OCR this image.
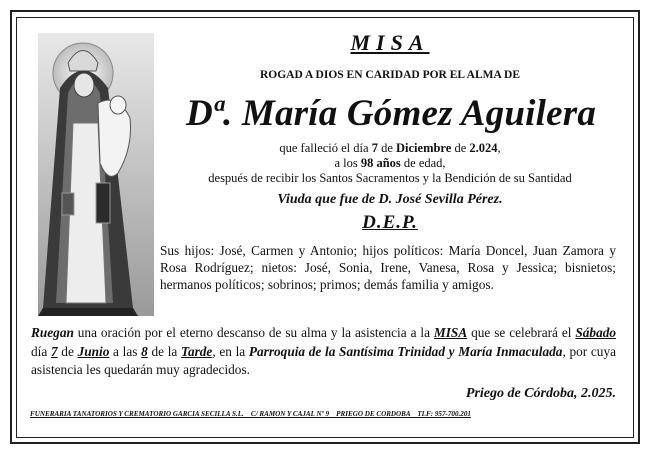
MISA
ROGAD A DIOS EN CARIDAD POR EL ALMA DE
Dª. María Gómez Aguilera
que falleció el día 7 de Diciembre de 2.024,
a los 98 años de edad,
después de recibir los Santos Sacramentos y la Bendición de su Santidad
Viuda que fue de D. José Sevilla Pérez.
D.E.P.
Sus hijos: José, Carmen y Antonio; hijos políticos: María Doncel, Juan Zamora y Rosa Rodríguez; nietos: José, Sonia, Irene, Vanesa, Rosa y Jessica; bisnietos; hermanos políticos; sobrinos; primos; demás familia y amigos.
Ruegan una oración por el eterno descanso de su alma y la asistencia a la MISA que se celebrará el Sábado día 7 de Junio a las 8 de la Tarde, en la Parroquia de la Santísima Trinidad y María Inmaculada, por cuya asistencia les quedarán muy agradecidos.
Priego de Córdoba, 2.025.
FUNERARIA TANATORIOS Y CREMATORIO GARCIA SECILLA S.L.    C/ RAMON Y CAJAL Nº 9    PRIEGO DE CORDOBA    TLF: 957-700.201
